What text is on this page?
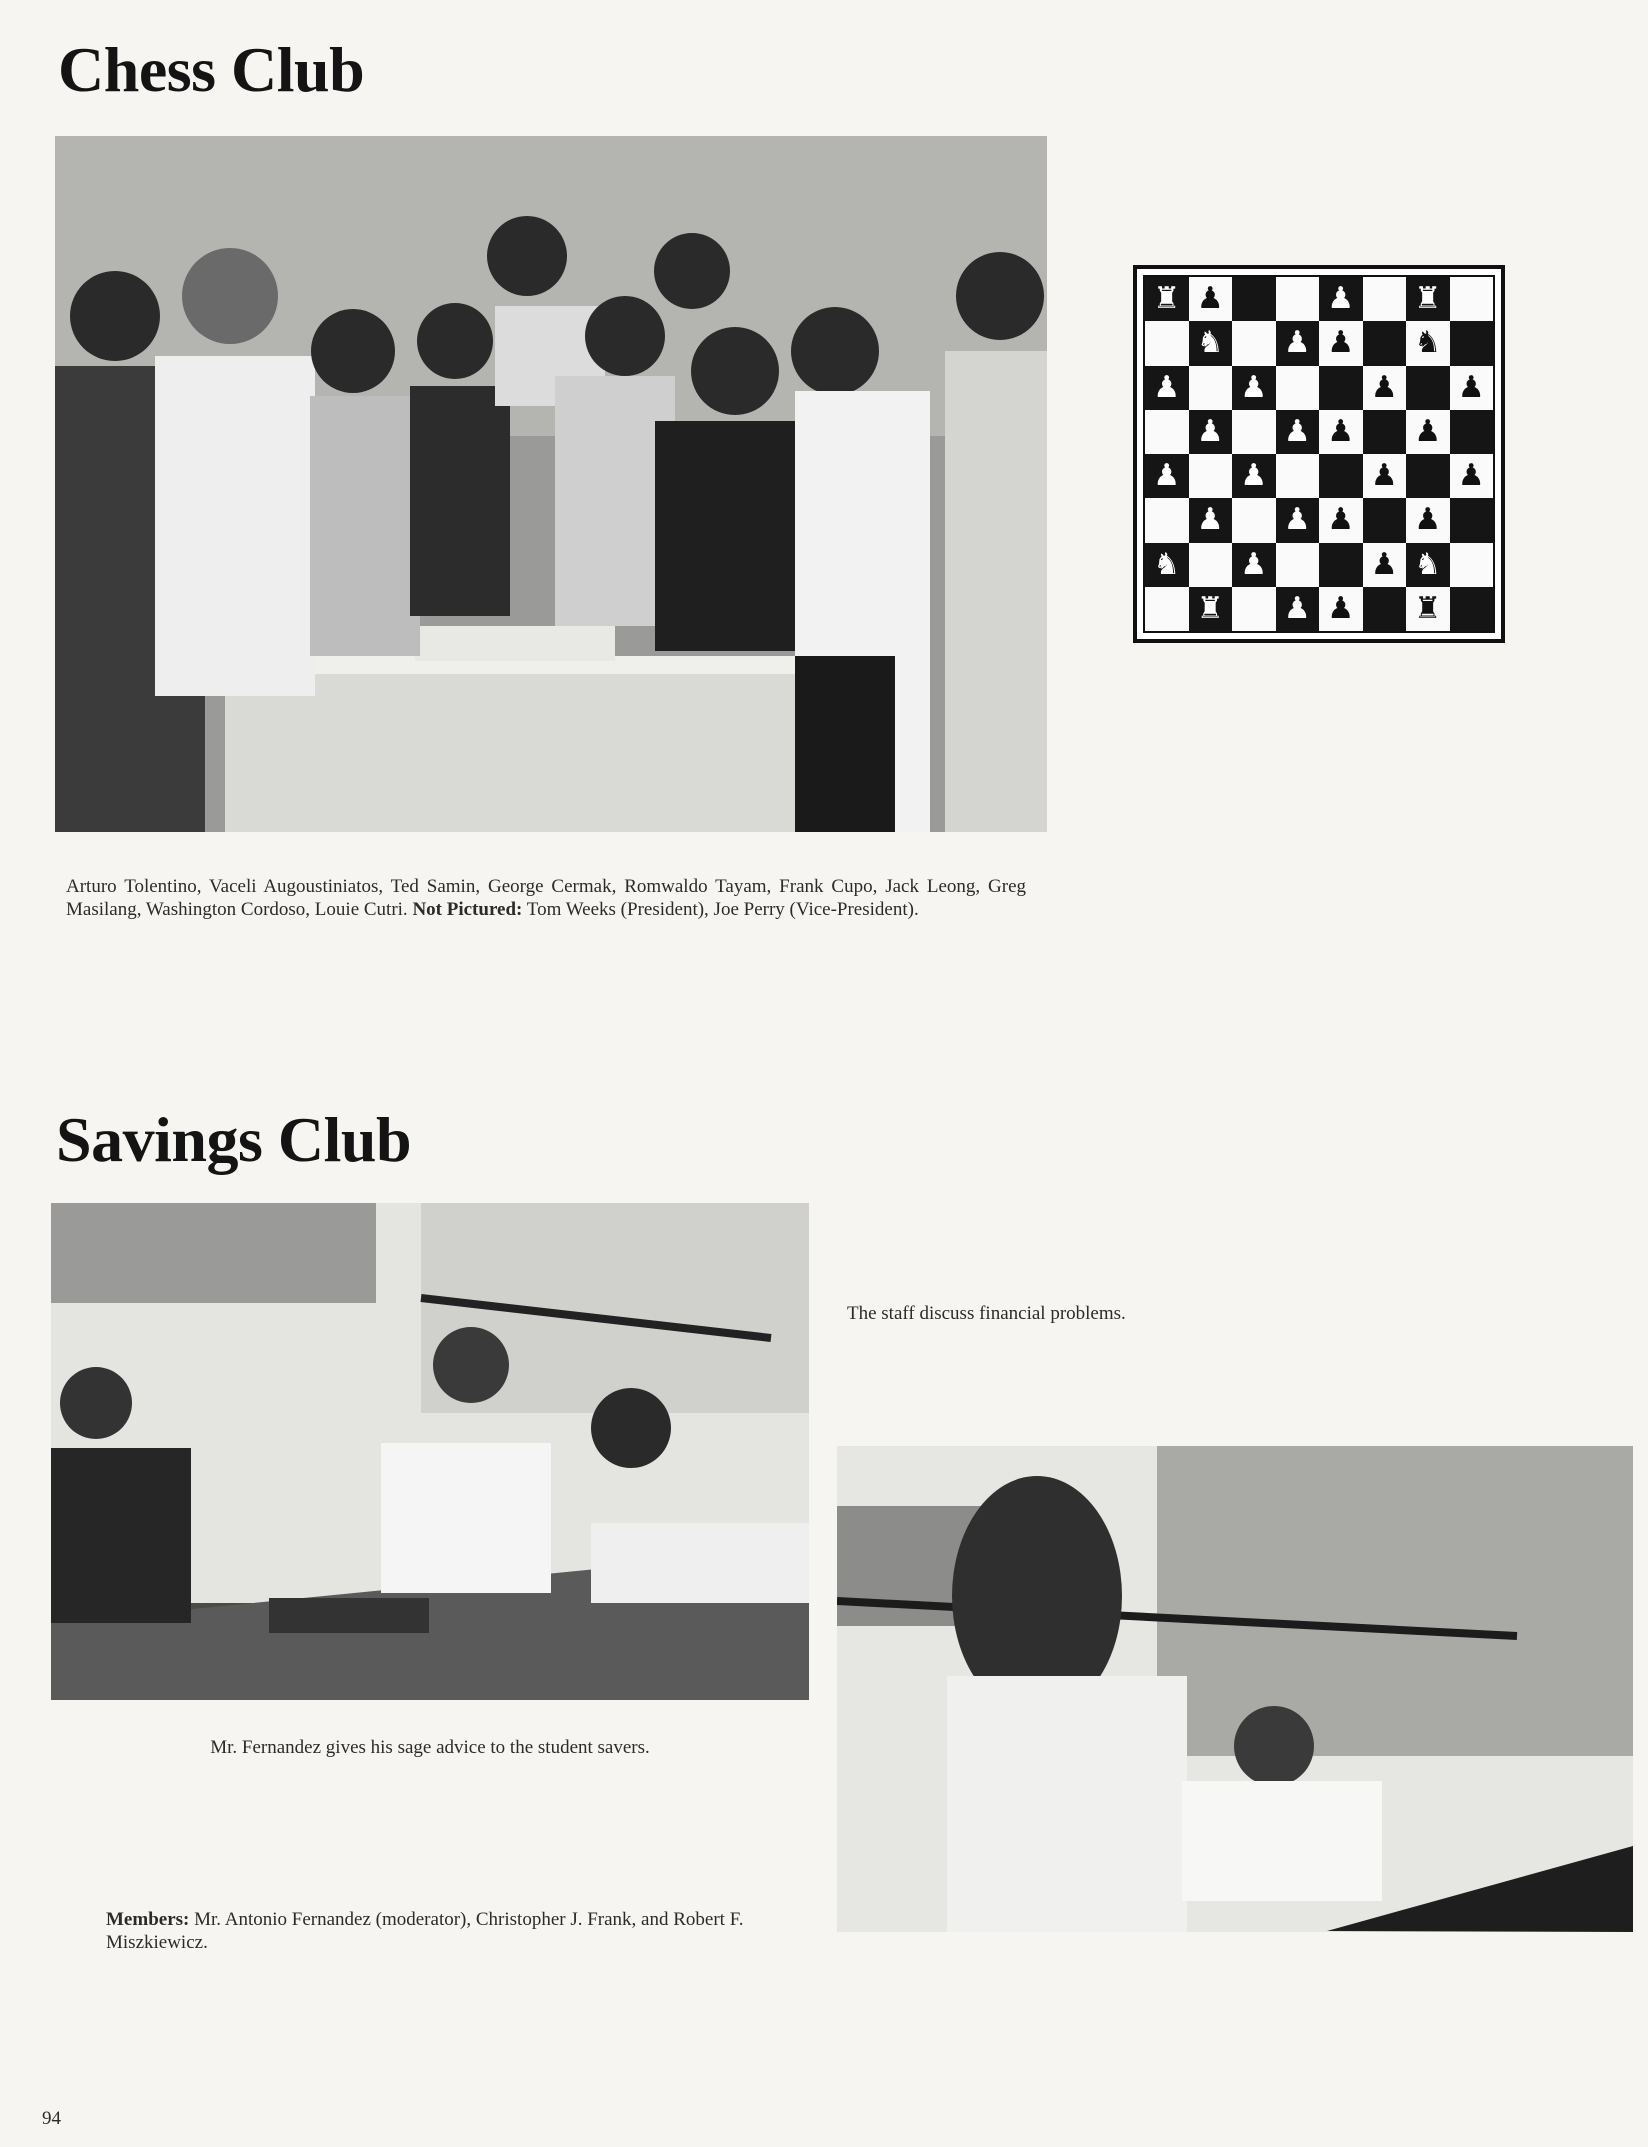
Chess Club

Arturo Tolentino, Vaceli Augoustiniatos, Ted Samin, George Cermak, Romwaldo Tayam, Frank Cupo, Jack Leong, Greg Masilang, Washington Cordoso, Louie Cutri. Not Pictured: Tom Weeks (President), Joe Perry (Vice-President).

♜ ♟	♟ ♜
♞ ♟ ♟ ♞
♟ ♟	♟ ♟
♟ ♟ ♟ ♟
♟ ♟	♟ ♟
♟ ♟ ♟ ♟
♞ ♟	♟ ♞
♜ ♟ ♟ ♜
Savings Club

The staff discuss financial problems.

Mr. Fernandez gives his sage advice to the student savers.

Members: Mr. Antonio Fernandez (moderator), Christopher J. Frank, and Robert F. Miszkiewicz.

94
